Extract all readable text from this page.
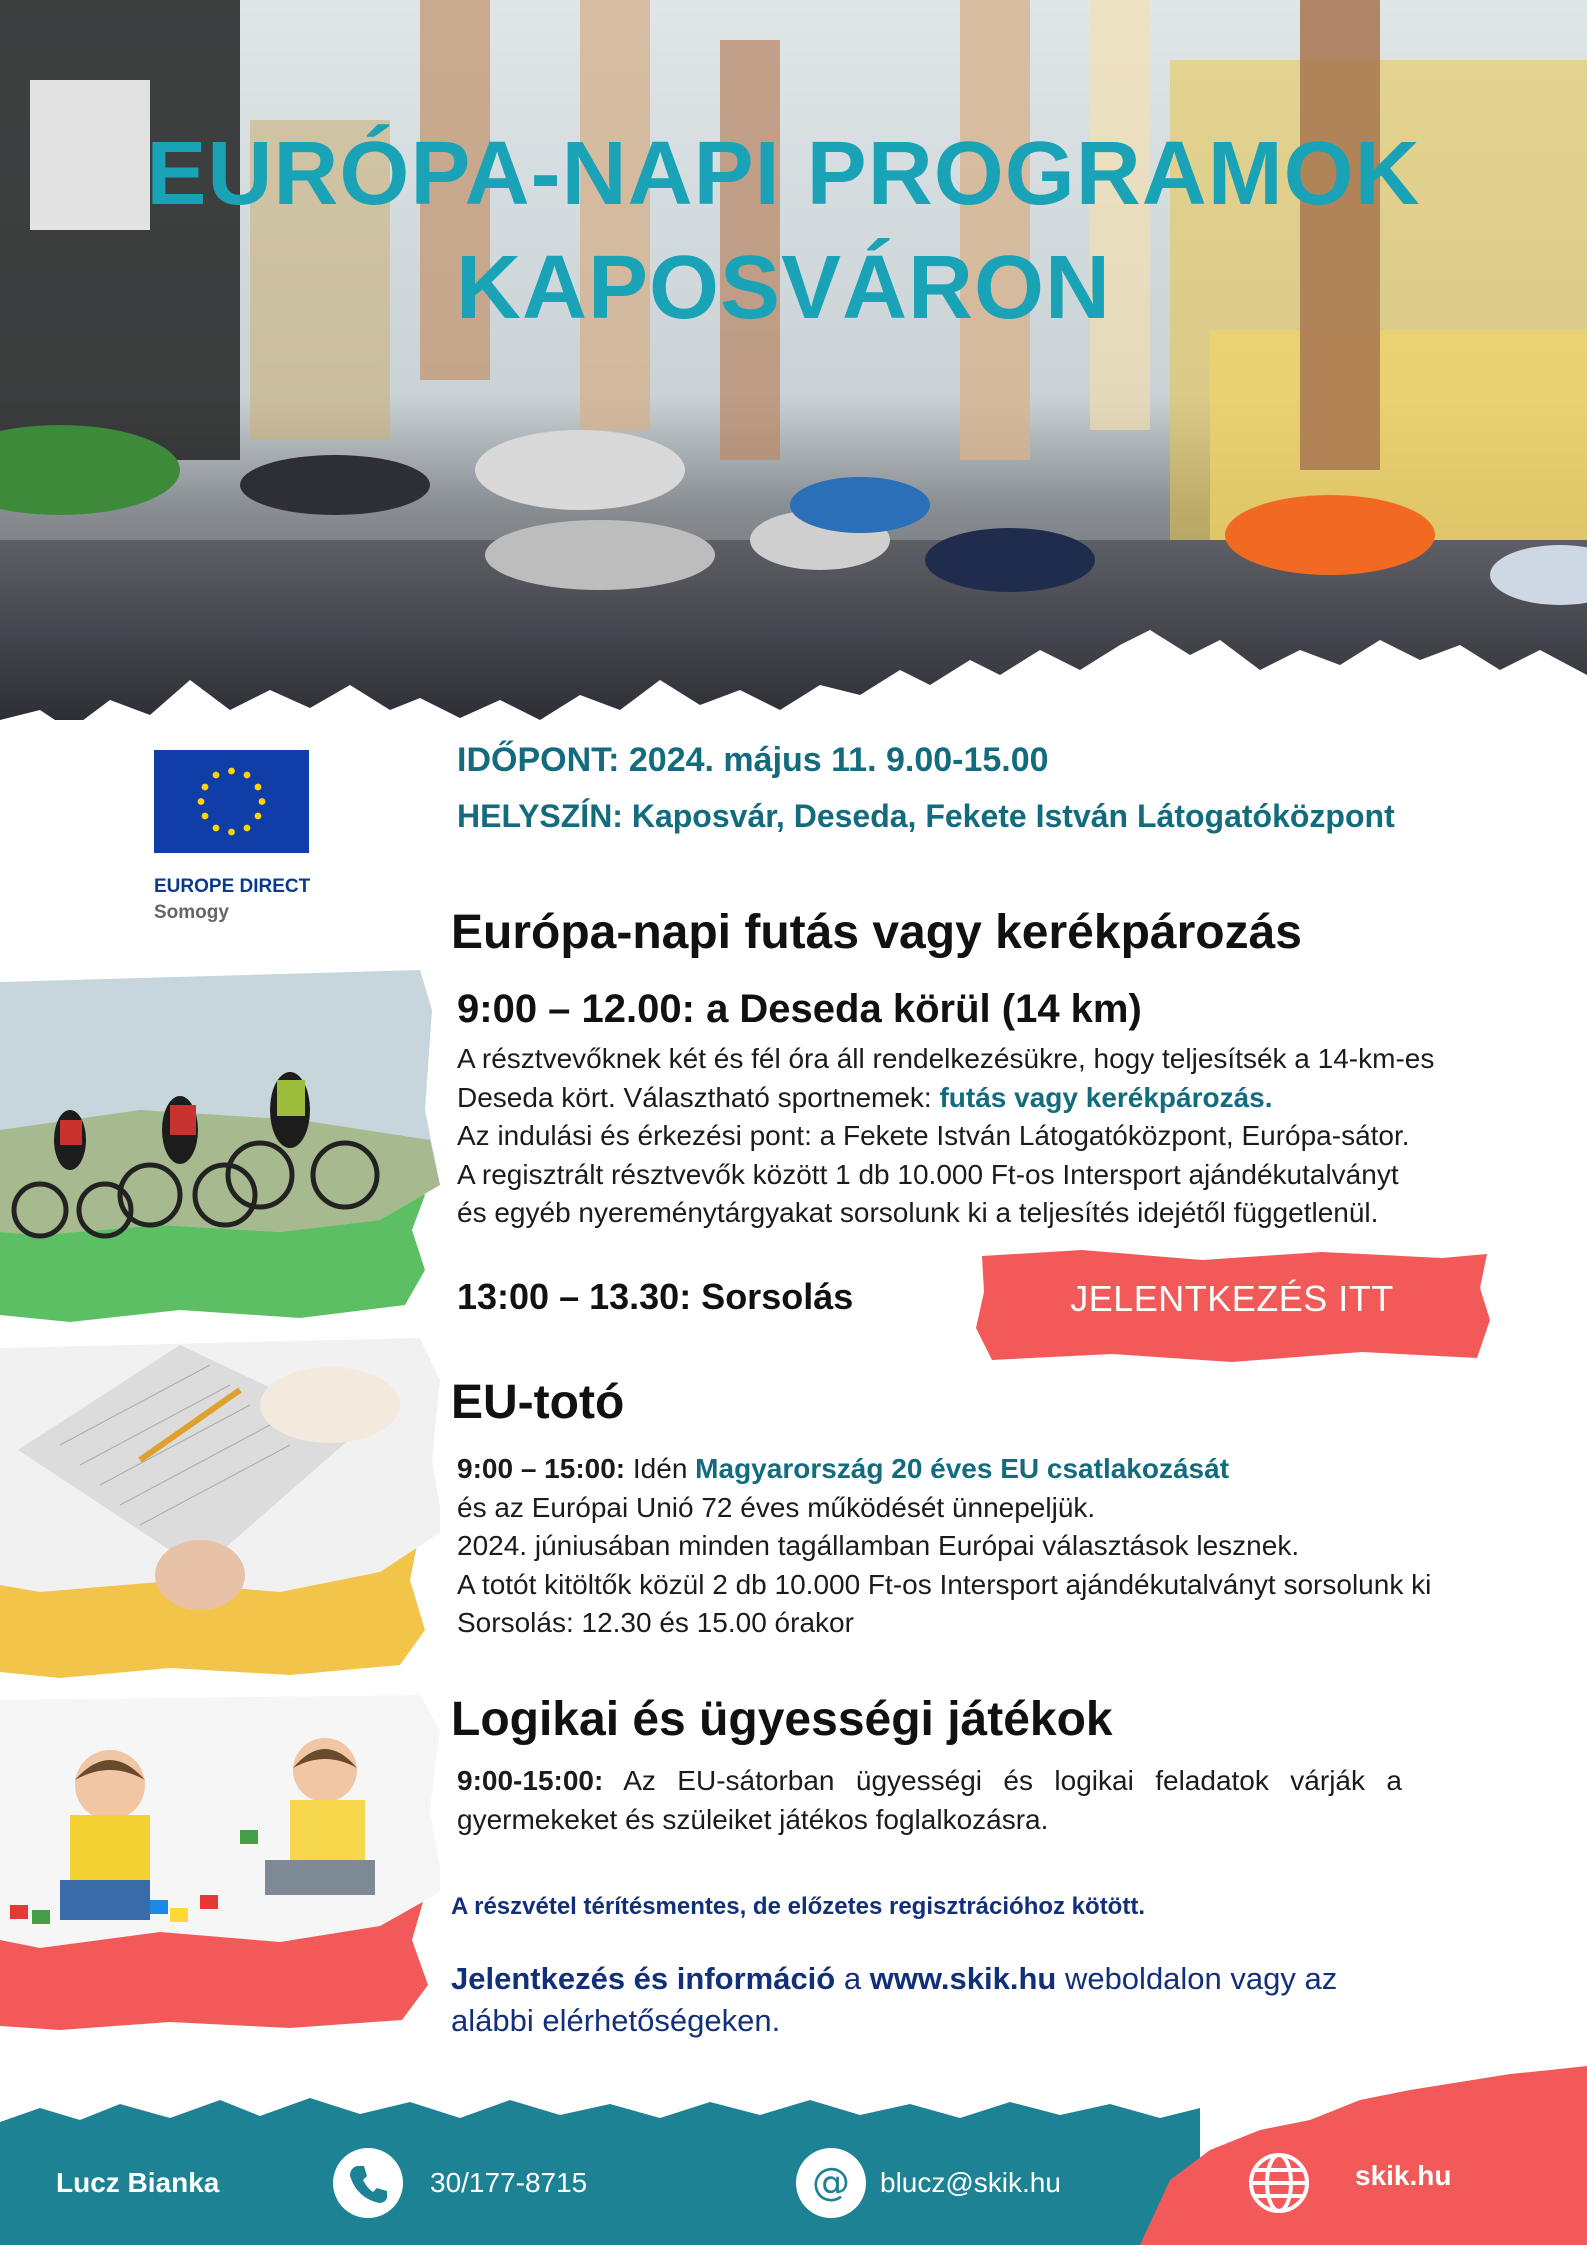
EURÓPA-NAPI PROGRAMOK
KAPOSVÁRON
EUROPE DIRECT
Somogy
IDŐPONT: 2024. május 11. 9.00-15.00
HELYSZÍN: Kaposvár, Deseda, Fekete István Látogatóközpont
Európa-napi futás vagy kerékpározás
9:00 – 12.00: a Deseda körül (14 km)
A résztvevőknek két és fél óra áll rendelkezésükre, hogy teljesítsék a 14-km-es
Deseda kört. Választható sportnemek: futás vagy kerékpározás.
Az indulási és érkezési pont: a Fekete István Látogatóközpont, Európa-sátor.
A regisztrált résztvevők között 1 db 10.000 Ft-os Intersport ajándékutalványt
és egyéb nyereménytárgyakat sorsolunk ki a teljesítés idejétől függetlenül.
13:00 – 13.30: Sorsolás	JELENTKEZÉS ITT
EU-totó
9:00 – 15:00: Idén Magyarország 20 éves EU csatlakozását
és az Európai Unió 72 éves működését ünnepeljük.
2024. júniusában minden tagállamban Európai választások lesznek.
A totót kitöltők közül 2 db 10.000 Ft-os Intersport ajándékutalványt sorsolunk ki
Sorsolás: 12.30 és 15.00 órakor
Logikai és ügyességi játékok
9:00-15:00: Az EU-sátorban ügyességi és logikai feladatok várják a
gyermekeket és szüleiket játékos foglalkozásra.
A részvétel térítésmentes, de előzetes regisztrációhoz kötött.
Jelentkezés és információ a www.skik.hu weboldalon vagy az
alábbi elérhetőségeken.
Lucz Bianka	30/177-8715	@ blucz@skik.hu	skik.hu
